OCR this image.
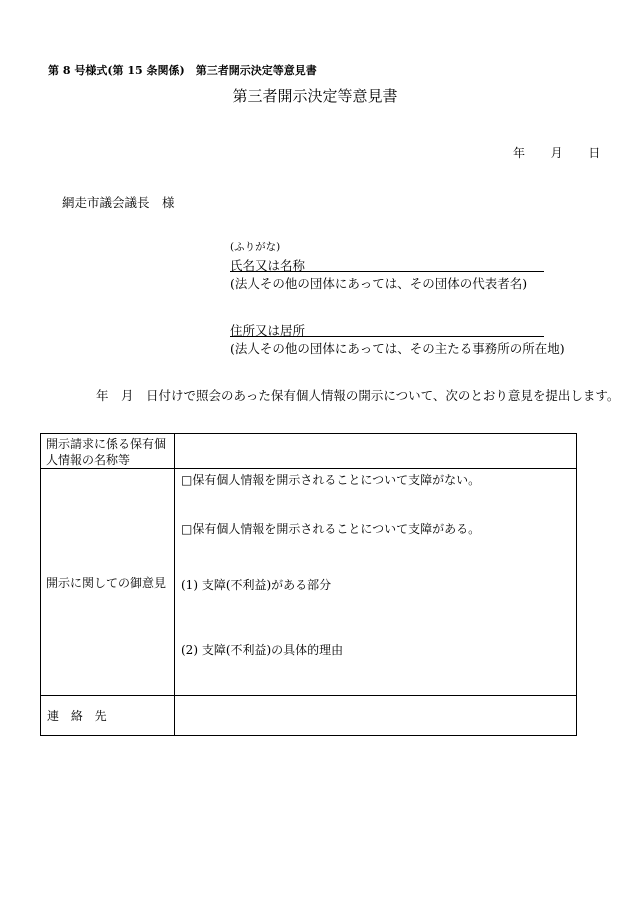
第 8 号様式(第 15 条関係)　第三者開示決定等意見書
第三者開示決定等意見書
年 月 日
網走市議会議長　様
(ふりがな)
氏名又は名称
(法人その他の団体にあっては、その団体の代表者名)
住所又は居所
(法人その他の団体にあっては、その主たる事務所の所在地)
年　月　日付けで照会のあった保有個人情報の開示について、次のとおり意見を提出します。
開示請求に係る保有個
人情報の名称等	

開示に関しての御意見	□保有個人情報を開示されることについて支障がない。
□保有個人情報を開示されることについて支障がある。
(1) 支障(不利益)がある部分
(2) 支障(不利益)の具体的理由

連 絡 先	
